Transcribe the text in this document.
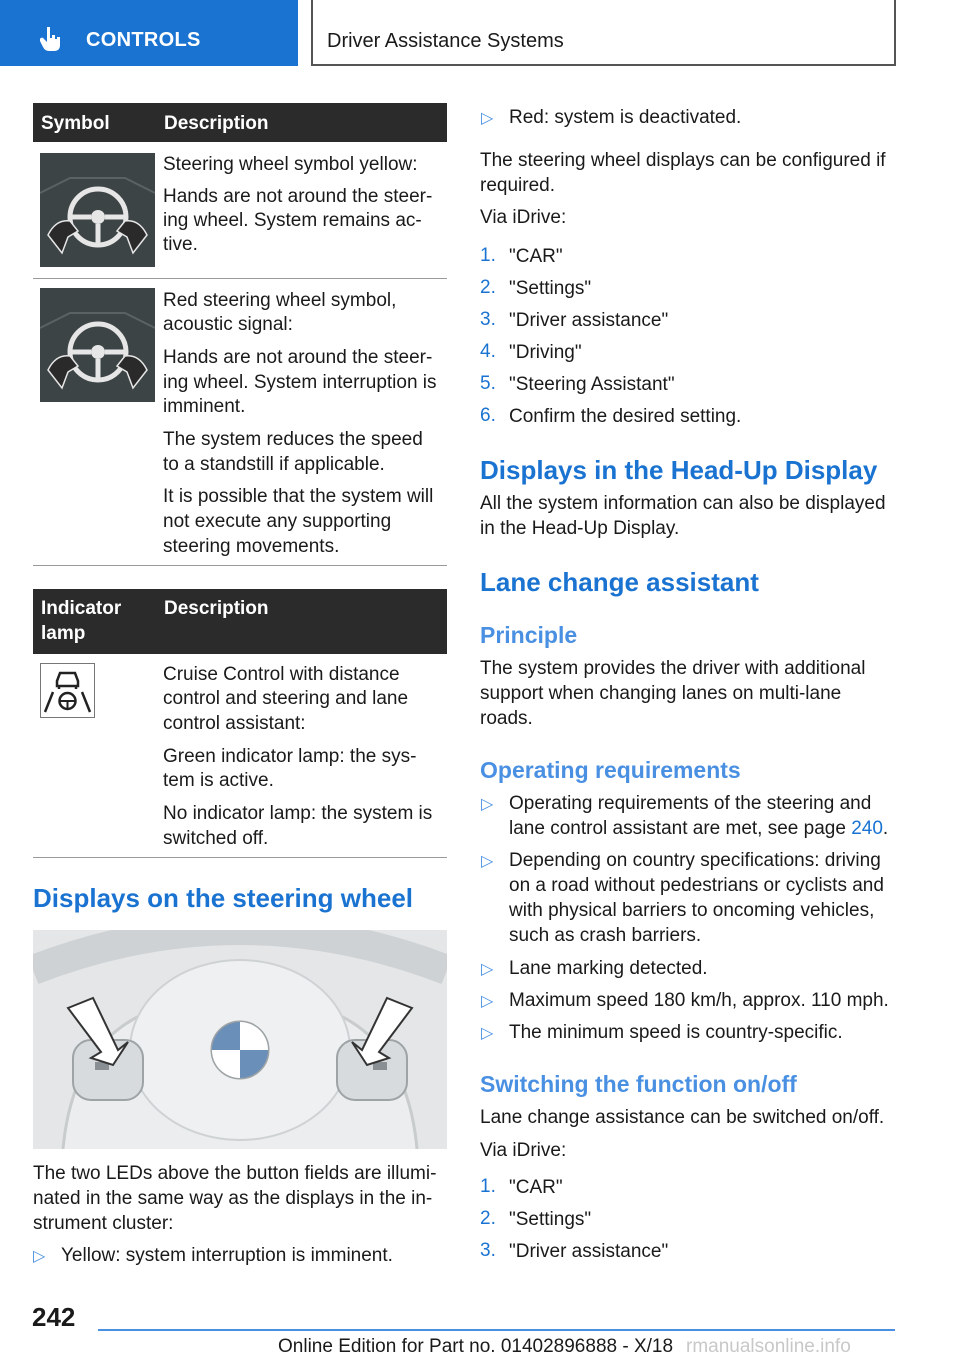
CONTROLS	Driver Assistance Systems
Symbol	Description
Steering wheel symbol yellow:
Hands are not around the steer-
ing wheel. System remains ac-
tive.
Red steering wheel symbol,
acoustic signal:
Hands are not around the steer-
ing wheel. System interruption is
imminent.
The system reduces the speed
to a standstill if applicable.
It is possible that the system will
not execute any supporting
steering movements.
Indicator
lamp
Description
Cruise Control with distance
control and steering and lane
control assistant:
Green indicator lamp: the sys-
tem is active.
No indicator lamp: the system is
switched off.
Displays on the steering wheel
The two LEDs above the button fields are illumi-
nated in the same way as the displays in the in-
strument cluster:
▷ Yellow: system interruption is imminent.
▷ Red: system is deactivated.
The steering wheel displays can be configured if
required.
Via iDrive:
1. "CAR"
2. "Settings"
3. "Driver assistance"
4. "Driving"
5. "Steering Assistant"
6. Confirm the desired setting.
Displays in the Head-Up Display
All the system information can also be displayed
in the Head-Up Display.
Lane change assistant
Principle
The system provides the driver with additional
support when changing lanes on multi-lane
roads.
Operating requirements
▷ Operating requirements of the steering and
lane control assistant are met, see page 240.
▷ Depending on country specifications: driving
on a road without pedestrians or cyclists and
with physical barriers to oncoming vehicles,
such as crash barriers.
▷ Lane marking detected.
▷ Maximum speed 180 km/h, approx. 110 mph.
▷ The minimum speed is country-specific.
Switching the function on/off
Lane change assistance can be switched on/off.
Via iDrive:
1. "CAR"
2. "Settings"
3. "Driver assistance"
242
Online Edition for Part no. 01402896888 - X/18 rmanualsonline.info
